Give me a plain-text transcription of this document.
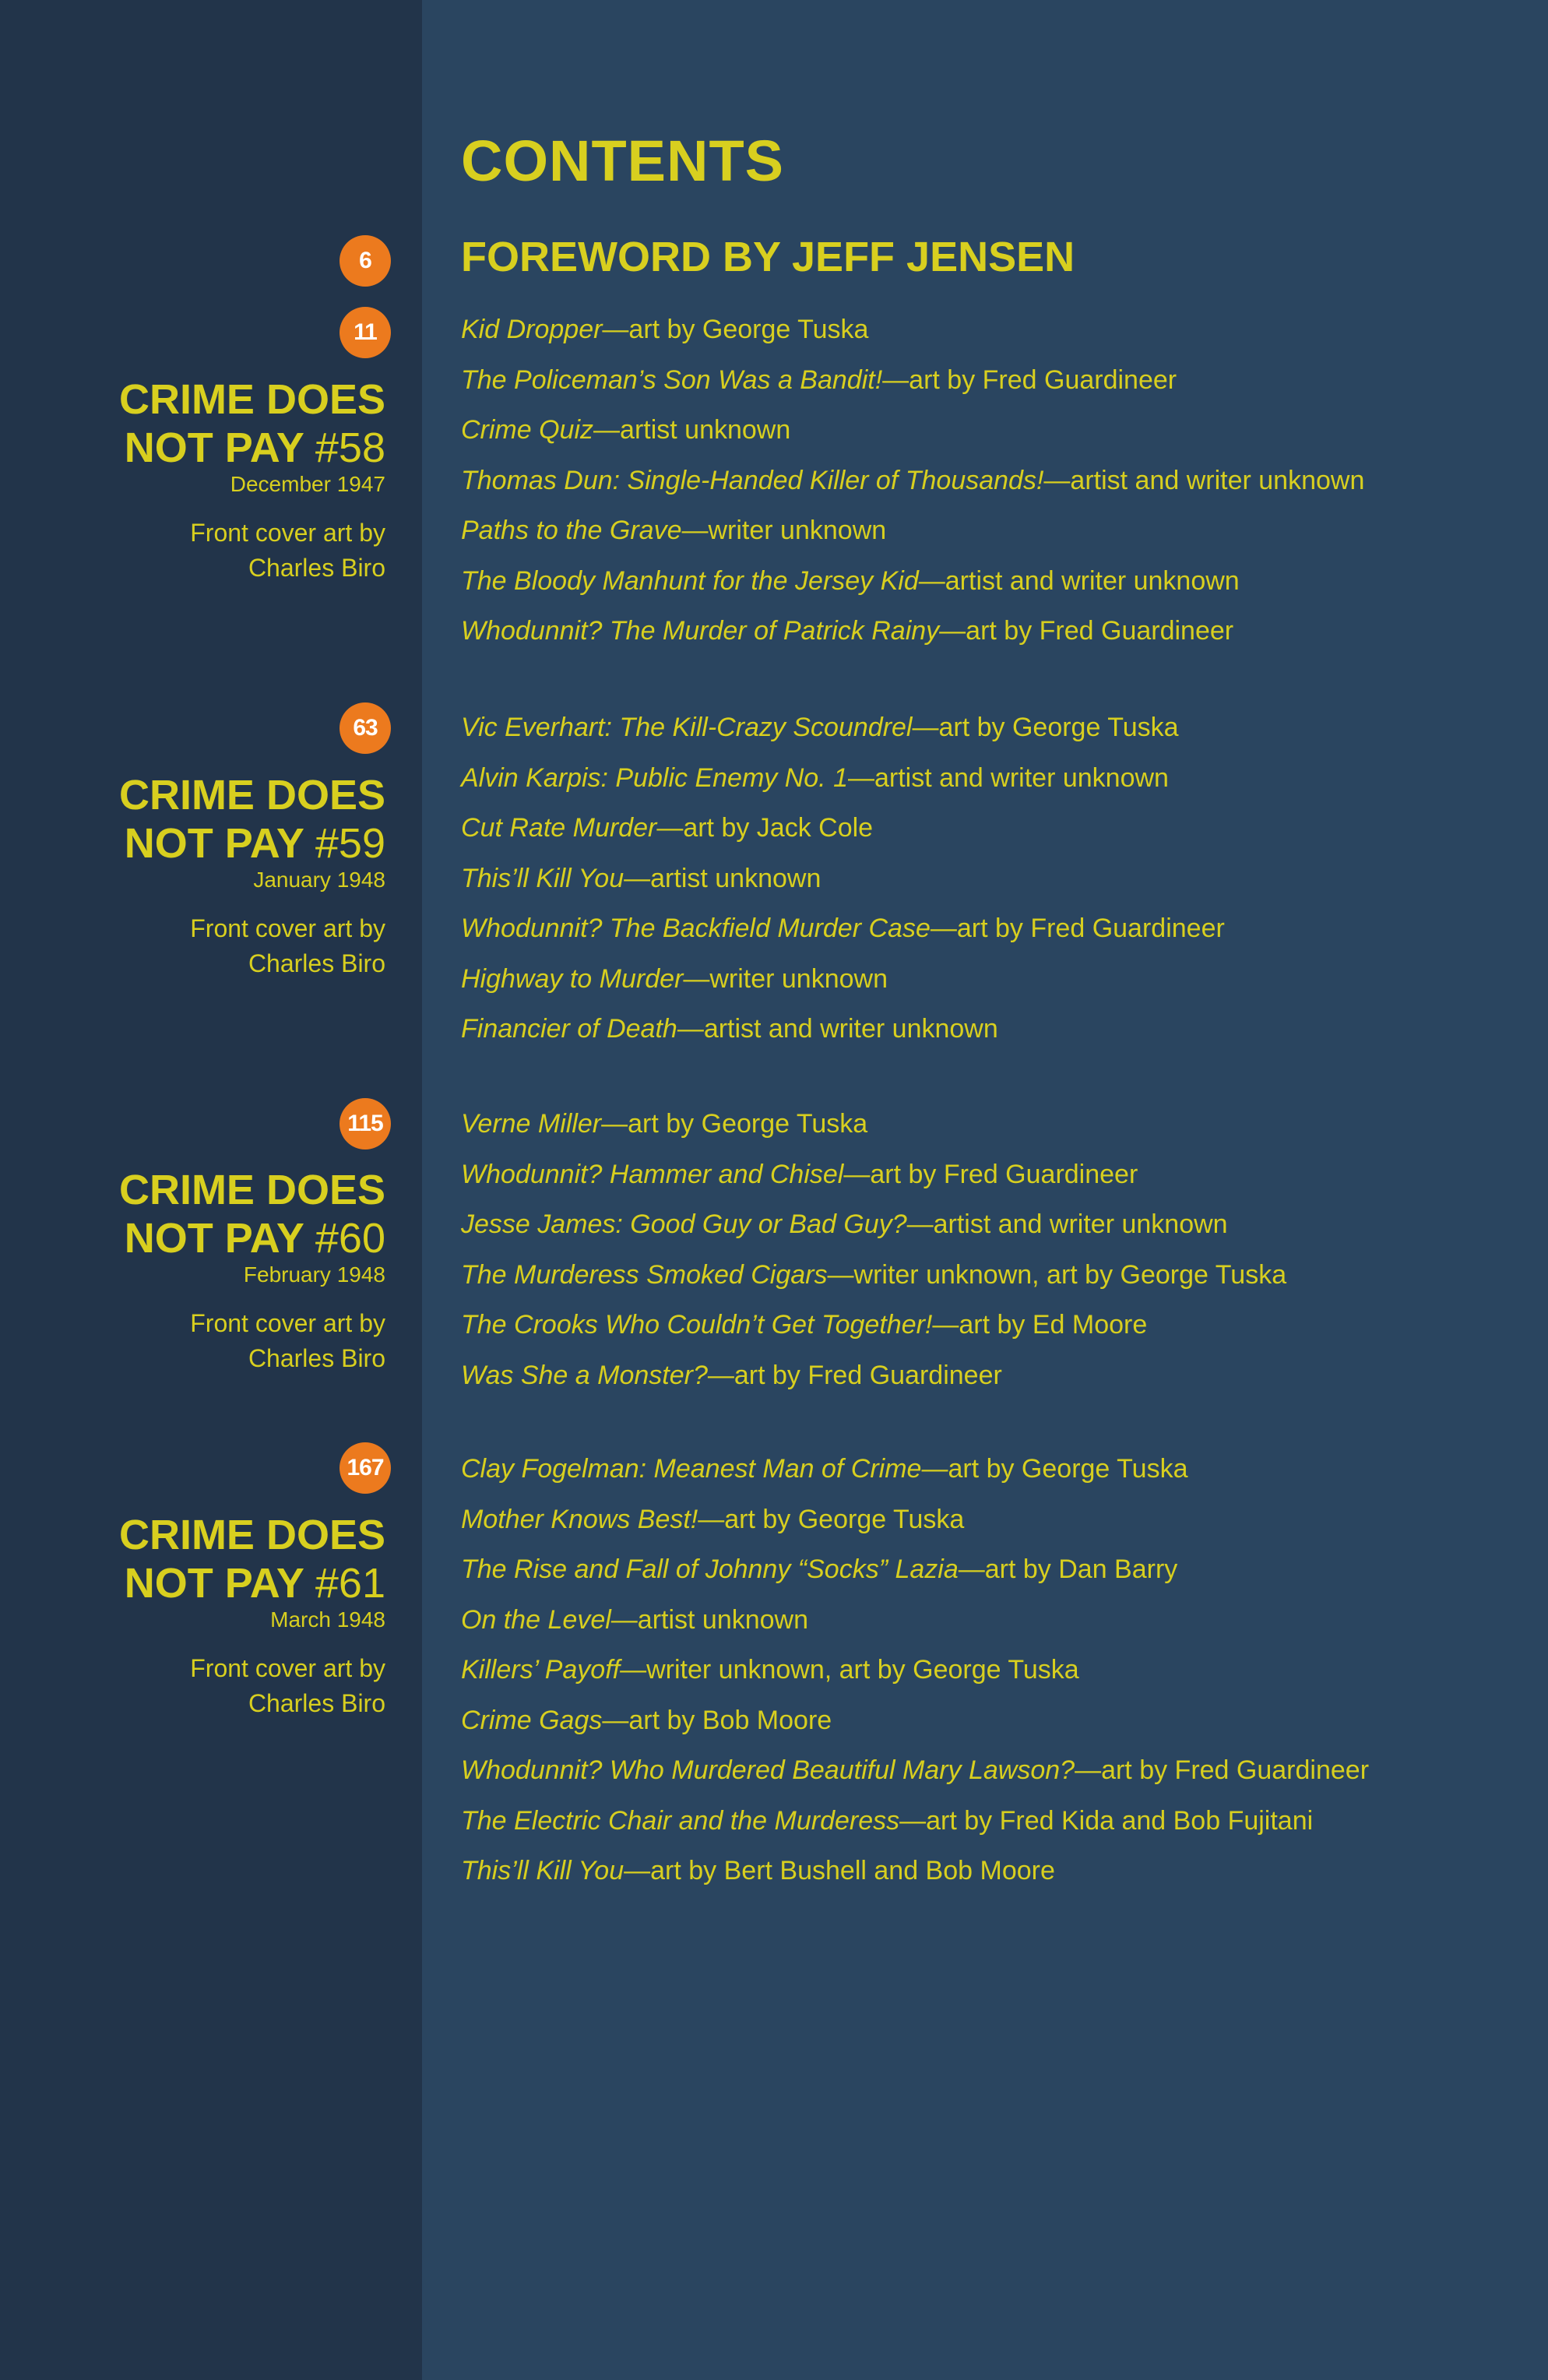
CONTENTS
6	FOREWORD BY JEFF JENSEN
11
CRIME DOES
NOT PAY #58
December 1947
Front cover art by
Charles Biro
Kid Dropper—art by George Tuska
The Policeman’s Son Was a Bandit!—art by Fred Guardineer
Crime Quiz—artist unknown
Thomas Dun: Single-Handed Killer of Thousands!—artist and writer unknown
Paths to the Grave—writer unknown
The Bloody Manhunt for the Jersey Kid—artist and writer unknown
Whodunnit? The Murder of Patrick Rainy—art by Fred Guardineer
63
CRIME DOES
NOT PAY #59
January 1948
Front cover art by
Charles Biro
Vic Everhart: The Kill-Crazy Scoundrel—art by George Tuska
Alvin Karpis: Public Enemy No. 1—artist and writer unknown
Cut Rate Murder—art by Jack Cole
This’ll Kill You—artist unknown
Whodunnit? The Backfield Murder Case—art by Fred Guardineer
Highway to Murder—writer unknown
Financier of Death—artist and writer unknown
115
CRIME DOES
NOT PAY #60
February 1948
Front cover art by
Charles Biro
Verne Miller—art by George Tuska
Whodunnit? Hammer and Chisel—art by Fred Guardineer
Jesse James: Good Guy or Bad Guy?—artist and writer unknown
The Murderess Smoked Cigars—writer unknown, art by George Tuska
The Crooks Who Couldn’t Get Together!—art by Ed Moore
Was She a Monster?—art by Fred Guardineer
167
CRIME DOES
NOT PAY #61
March 1948
Front cover art by
Charles Biro
Clay Fogelman: Meanest Man of Crime—art by George Tuska
Mother Knows Best!—art by George Tuska
The Rise and Fall of Johnny “Socks” Lazia—art by Dan Barry
On the Level—artist unknown
Killers’ Payoff—writer unknown, art by George Tuska
Crime Gags—art by Bob Moore
Whodunnit? Who Murdered Beautiful Mary Lawson?—art by Fred Guardineer
The Electric Chair and the Murderess—art by Fred Kida and Bob Fujitani
This’ll Kill You—art by Bert Bushell and Bob Moore
